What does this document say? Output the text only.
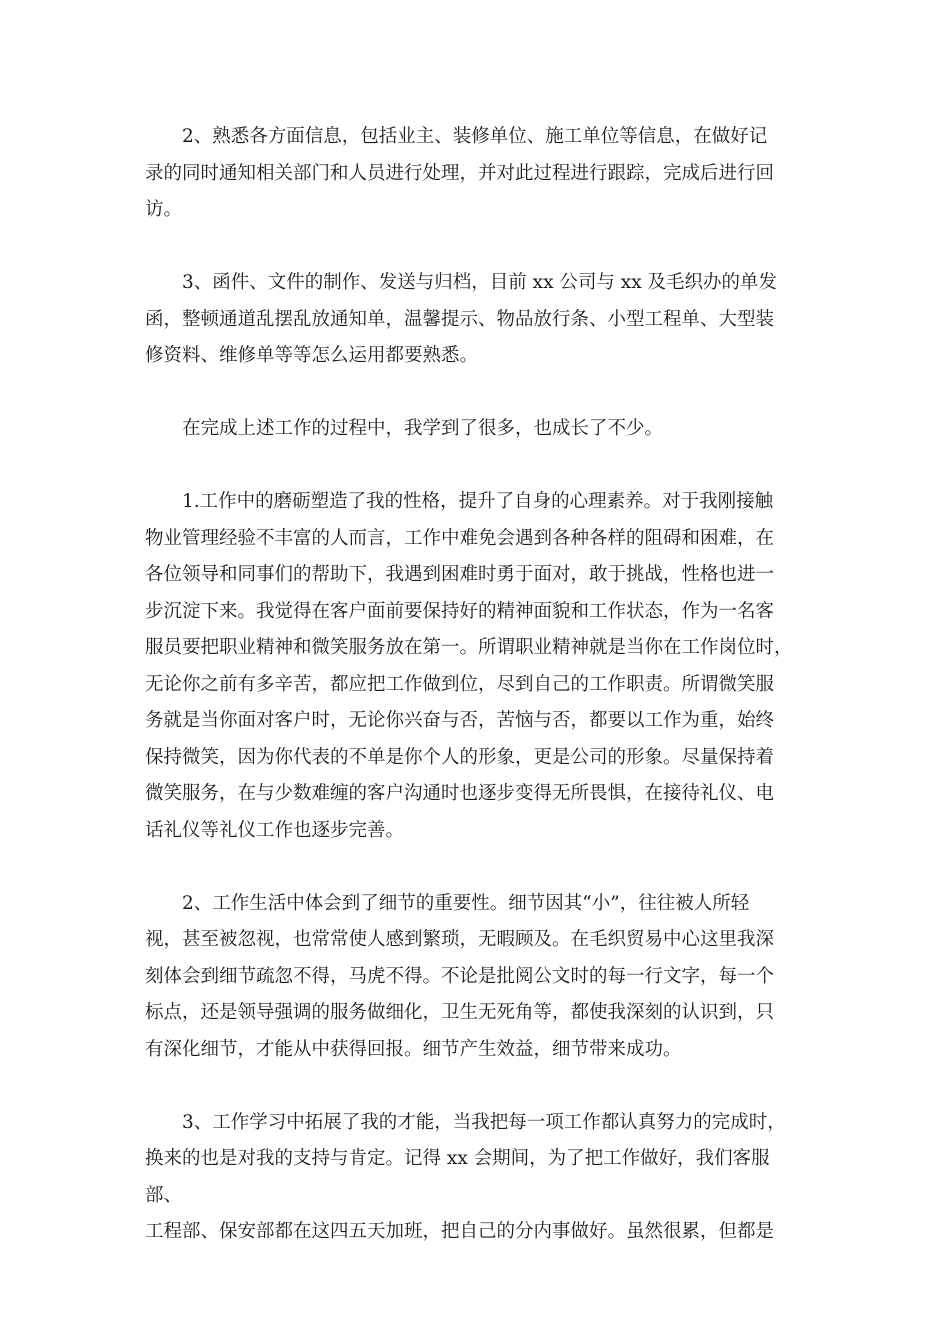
2、熟悉各方面信息，包括业主、装修单位、施工单位等信息，在做好记
录的同时通知相关部门和人员进行处理，并对此过程进行跟踪，完成后进行回
访。

3、函件、文件的制作、发送与归档，目前 xx 公司与 xx 及毛织办的单发
函，整顿通道乱摆乱放通知单，温馨提示、物品放行条、小型工程单、大型装
修资料、维修单等等怎么运用都要熟悉。

在完成上述工作的过程中，我学到了很多，也成长了不少。

1.工作中的磨砺塑造了我的性格，提升了自身的心理素养。对于我刚接触
物业管理经验不丰富的人而言，工作中难免会遇到各种各样的阻碍和困难，在
各位领导和同事们的帮助下，我遇到困难时勇于面对，敢于挑战，性格也进一
步沉淀下来。我觉得在客户面前要保持好的精神面貌和工作状态，作为一名客
服员要把职业精神和微笑服务放在第一。所谓职业精神就是当你在工作岗位时，
无论你之前有多辛苦，都应把工作做到位，尽到自己的工作职责。所谓微笑服
务就是当你面对客户时，无论你兴奋与否，苦恼与否，都要以工作为重，始终
保持微笑，因为你代表的不单是你个人的形象，更是公司的形象。尽量保持着
微笑服务，在与少数难缠的客户沟通时也逐步变得无所畏惧，在接待礼仪、电
话礼仪等礼仪工作也逐步完善。

2、工作生活中体会到了细节的重要性。细节因其“小”，往往被人所轻
视，甚至被忽视，也常常使人感到繁琐，无暇顾及。在毛织贸易中心这里我深
刻体会到细节疏忽不得，马虎不得。不论是批阅公文时的每一行文字，每一个
标点，还是领导强调的服务做细化，卫生无死角等，都使我深刻的认识到，只
有深化细节，才能从中获得回报。细节产生效益，细节带来成功。

3、工作学习中拓展了我的才能，当我把每一项工作都认真努力的完成时，
换来的也是对我的支持与肯定。记得 xx 会期间，为了把工作做好，我们客服部、
工程部、保安部都在这四五天加班，把自己的分内事做好。虽然很累，但都是
